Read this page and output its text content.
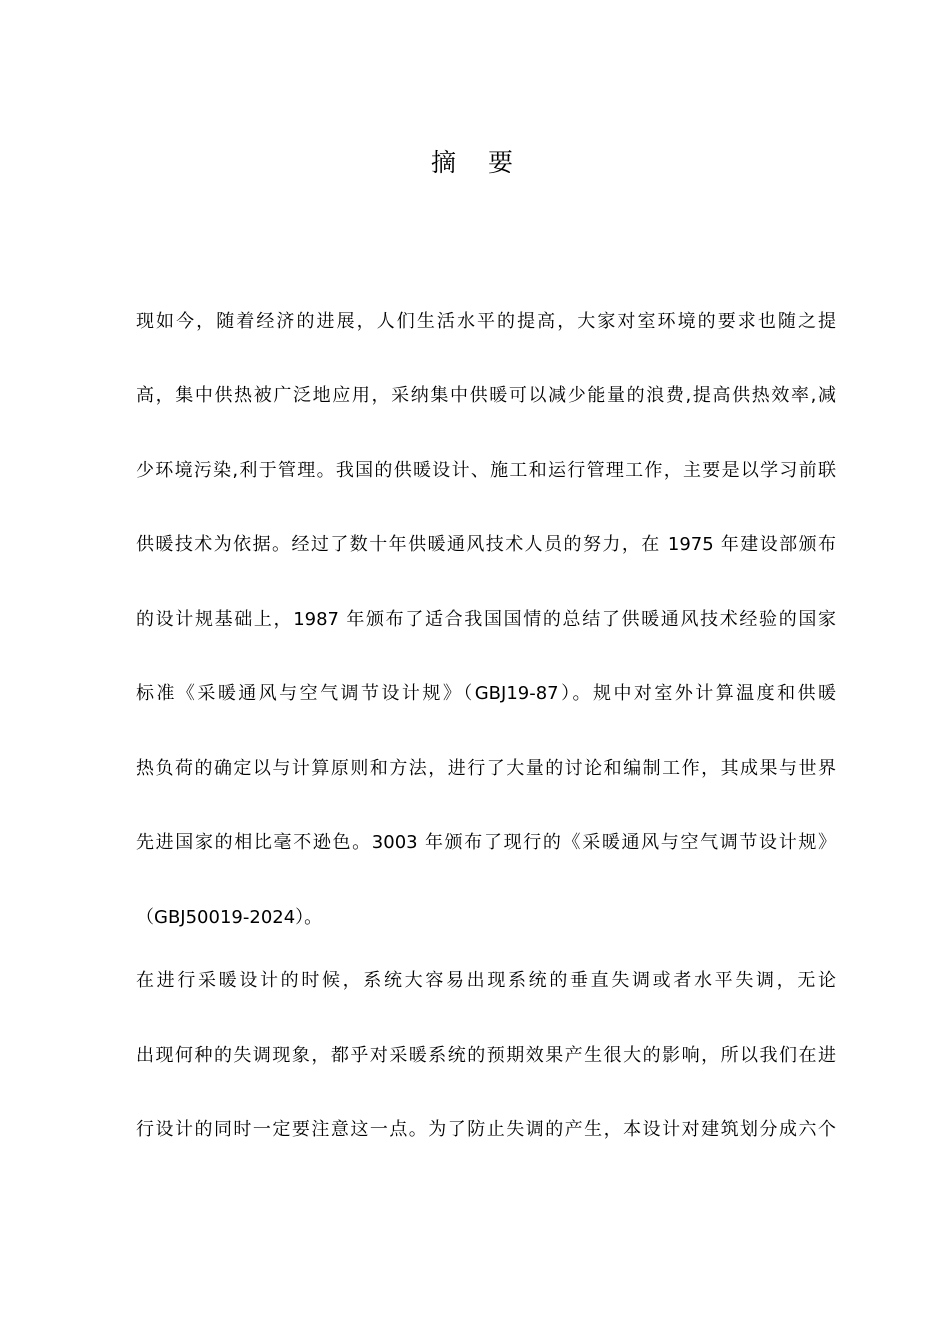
摘 要
现如今，随着经济的进展，人们生活水平的提高，大家对室环境的要求也随之提
高，集中供热被广泛地应用，采纳集中供暖可以减少能量的浪费,提高供热效率,减
少环境污染,利于管理。我国的供暖设计、施工和运行管理工作，主要是以学习前联
供暖技术为依据。经过了数十年供暖通风技术人员的努力，在 1975 年建设部颁布
的设计规基础上，1987 年颁布了适合我国国情的总结了供暖通风技术经验的国家
标准《采暖通风与空气调节设计规》（GBJ19-87）。规中对室外计算温度和供暖
热负荷的确定以与计算原则和方法，进行了大量的讨论和编制工作，其成果与世界
先进国家的相比毫不逊色。3003 年颁布了现行的《采暖通风与空气调节设计规》
（GBJ50019-2024）。
在进行采暖设计的时候，系统大容易出现系统的垂直失调或者水平失调，无论
出现何种的失调现象，都乎对采暖系统的预期效果产生很大的影响，所以我们在进
行设计的同时一定要注意这一点。为了防止失调的产生，本设计对建筑划分成六个
